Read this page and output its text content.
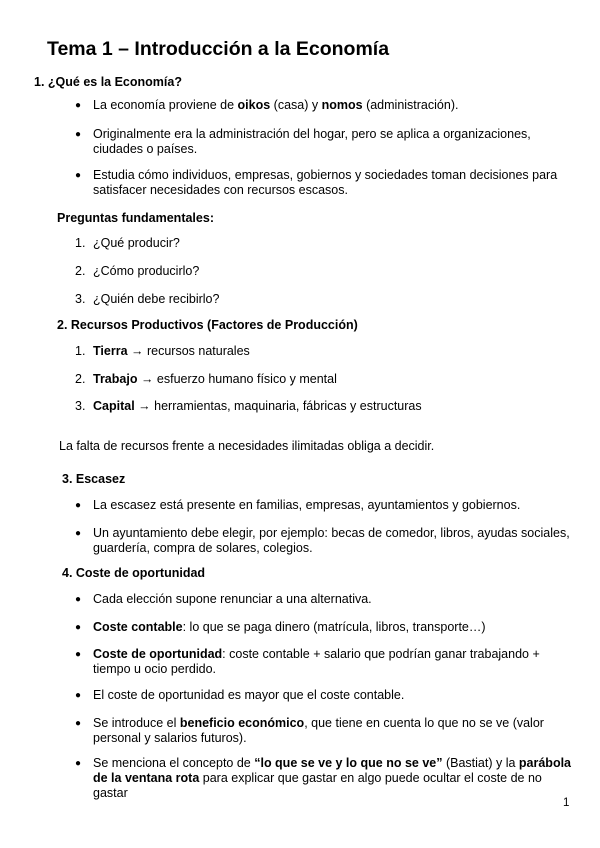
Tema 1 – Introducción a la Economía

1. ¿Qué es la Economía?

● La economía proviene de oikos (casa) y nomos (administración).
● Originalmente era la administración del hogar, pero se aplica a organizaciones, ciudades o países.
● Estudia cómo individuos, empresas, gobiernos y sociedades toman decisiones para satisfacer necesidades con recursos escasos.

Preguntas fundamentales:

1. ¿Qué producir?
2. ¿Cómo producirlo?
3. ¿Quién debe recibirlo?

2. Recursos Productivos (Factores de Producción)

1. Tierra → recursos naturales
2. Trabajo → esfuerzo humano físico y mental
3. Capital → herramientas, maquinaria, fábricas y estructuras

La falta de recursos frente a necesidades ilimitadas obliga a decidir.

3. Escasez

● La escasez está presente en familias, empresas, ayuntamientos y gobiernos.
● Un ayuntamiento debe elegir, por ejemplo: becas de comedor, libros, ayudas sociales, guardería, compra de solares, colegios.

4. Coste de oportunidad

● Cada elección supone renunciar a una alternativa.
● Coste contable: lo que se paga dinero (matrícula, libros, transporte…)
● Coste de oportunidad: coste contable + salario que podrían ganar trabajando + tiempo u ocio perdido.
● El coste de oportunidad es mayor que el coste contable.
● Se introduce el beneficio económico, que tiene en cuenta lo que no se ve (valor personal y salarios futuros).
● Se menciona el concepto de “lo que se ve y lo que no se ve” (Bastiat) y la parábola de la ventana rota para explicar que gastar en algo puede ocultar el coste de no gastar

1
